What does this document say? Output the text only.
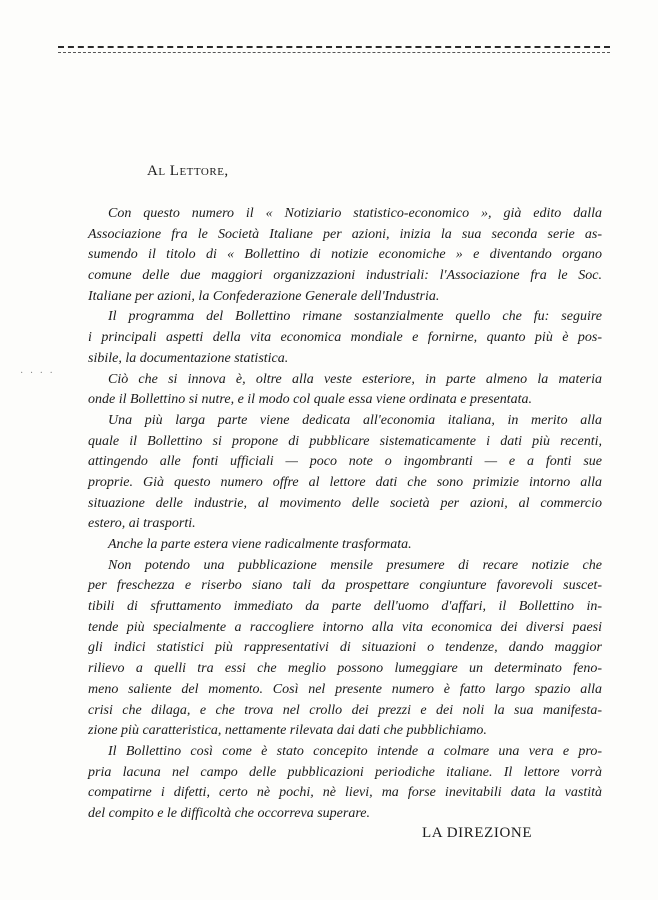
· · · ·
Al Lettore,
Con questo numero il « Notiziario statistico-economico », già edito dalla
Associazione fra le Società Italiane per azioni, inizia la sua seconda serie as-
sumendo il titolo di « Bollettino di notizie economiche » e diventando organo
comune delle due maggiori organizzazioni industriali: l'Associazione fra le Soc.
Italiane per azioni, la Confederazione Generale dell'Industria.
Il programma del Bollettino rimane sostanzialmente quello che fu: seguire
i principali aspetti della vita economica mondiale e fornirne, quanto più è pos-
sibile, la documentazione statistica.
Ciò che si innova è, oltre alla veste esteriore, in parte almeno la materia
onde il Bollettino si nutre, e il modo col quale essa viene ordinata e presentata.
Una più larga parte viene dedicata all'economia italiana, in merito alla
quale il Bollettino si propone di pubblicare sistematicamente i dati più recenti,
attingendo alle fonti ufficiali — poco note o ingombranti — e a fonti sue
proprie. Già questo numero offre al lettore dati che sono primizie intorno alla
situazione delle industrie, al movimento delle società per azioni, al commercio
estero, ai trasporti.
Anche la parte estera viene radicalmente trasformata.
Non potendo una pubblicazione mensile presumere di recare notizie che
per freschezza e riserbo siano tali da prospettare congiunture favorevoli suscet-
tibili di sfruttamento immediato da parte dell'uomo d'affari, il Bollettino in-
tende più specialmente a raccogliere intorno alla vita economica dei diversi paesi
gli indici statistici più rappresentativi di situazioni o tendenze, dando maggior
rilievo a quelli tra essi che meglio possono lumeggiare un determinato feno-
meno saliente del momento. Così nel presente numero è fatto largo spazio alla
crisi che dilaga, e che trova nel crollo dei prezzi e dei noli la sua manifesta-
zione più caratteristica, nettamente rilevata dai dati che pubblichiamo.
Il Bollettino così come è stato concepito intende a colmare una vera e pro-
pria lacuna nel campo delle pubblicazioni periodiche italiane. Il lettore vorrà
compatirne i difetti, certo nè pochi, nè lievi, ma forse inevitabili data la vastità
del compito e le difficoltà che occorreva superare.
LA DIREZIONE
